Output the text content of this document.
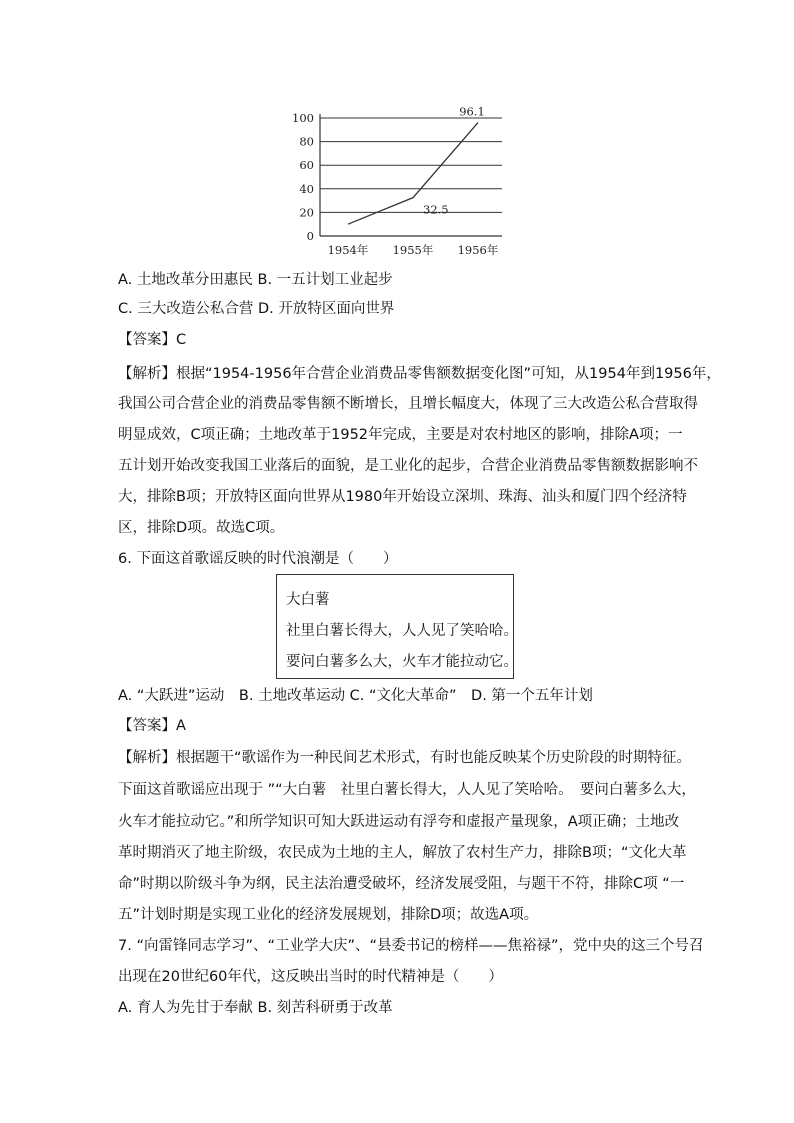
0
20
40
60
80
100
1954年 1955年 1956年
32.5
96.1
A. 土地改革分田惠民 B. 一五计划工业起步
C. 三大改造公私合营 D. 开放特区面向世界
【答案】C
【解析】根据“1954-1956年合营企业消费品零售额数据变化图”可知，从1954年到1956年，
我国公司合营企业的消费品零售额不断增长，且增长幅度大，体现了三大改造公私合营取得
明显成效，C项正确；土地改革于1952年完成，主要是对农村地区的影响，排除A项；一
五计划开始改变我国工业落后的面貌，是工业化的起步，合营企业消费品零售额数据影响不
大，排除B项；开放特区面向世界从1980年开始设立深圳、珠海、汕头和厦门四个经济特
区，排除D项。故选C项。
6. 下面这首歌谣反映的时代浪潮是（　　）
大白薯
社里白薯长得大，人人见了笑哈哈。
要问白薯多么大，火车才能拉动它。
A. “大跃进”运动　B. 土地改革运动 C. “文化大革命”　D. 第一个五年计划
【答案】A
【解析】根据题干“歌谣作为一种民间艺术形式，有时也能反映某个历史阶段的时期特征。
下面这首歌谣应出现于 ”“大白薯　社里白薯长得大，人人见了笑哈哈。　要问白薯多么大，
火车才能拉动它。”和所学知识可知大跃进运动有浮夸和虚报产量现象，A项正确；土地改
革时期消灭了地主阶级，农民成为土地的主人，解放了农村生产力，排除B项；“文化大革
命”时期以阶级斗争为纲，民主法治遭受破坏，经济发展受阻，与题干不符，排除C项 “一
五”计划时期是实现工业化的经济发展规划，排除D项；故选A项。
7. “向雷锋同志学习”、“工业学大庆”、“县委书记的榜样——焦裕禄”，党中央的这三个号召
出现在20世纪60年代，这反映出当时的时代精神是（　　）
A. 育人为先甘于奉献 B. 刻苦科研勇于改革
